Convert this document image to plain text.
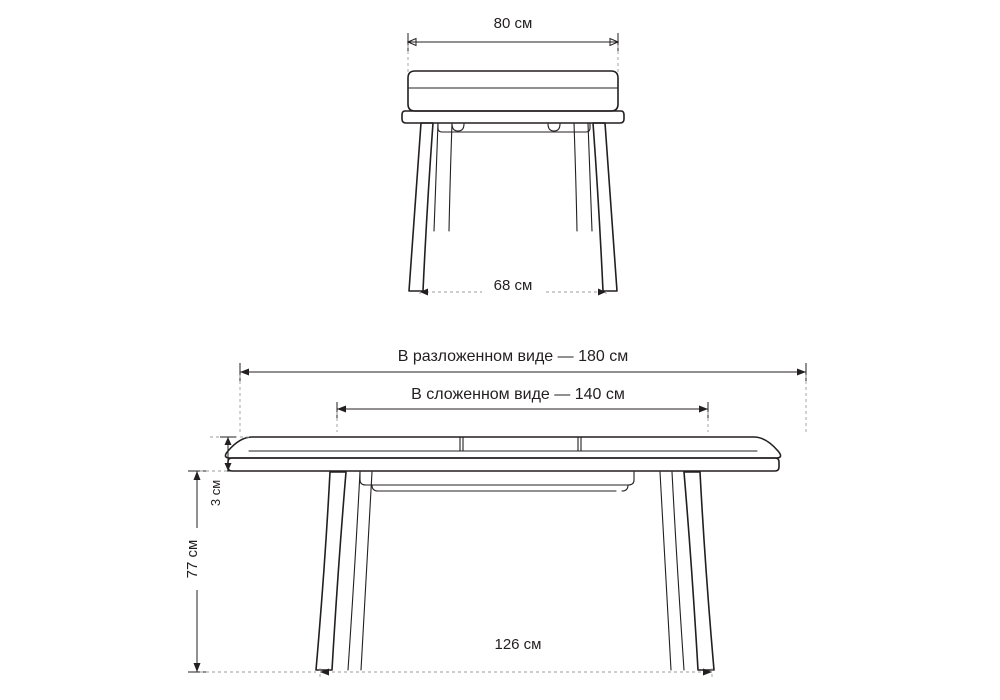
80 см
68 см
В разложенном виде — 180 см
В сложенном виде — 140 см
3 см
77 см
126 см
